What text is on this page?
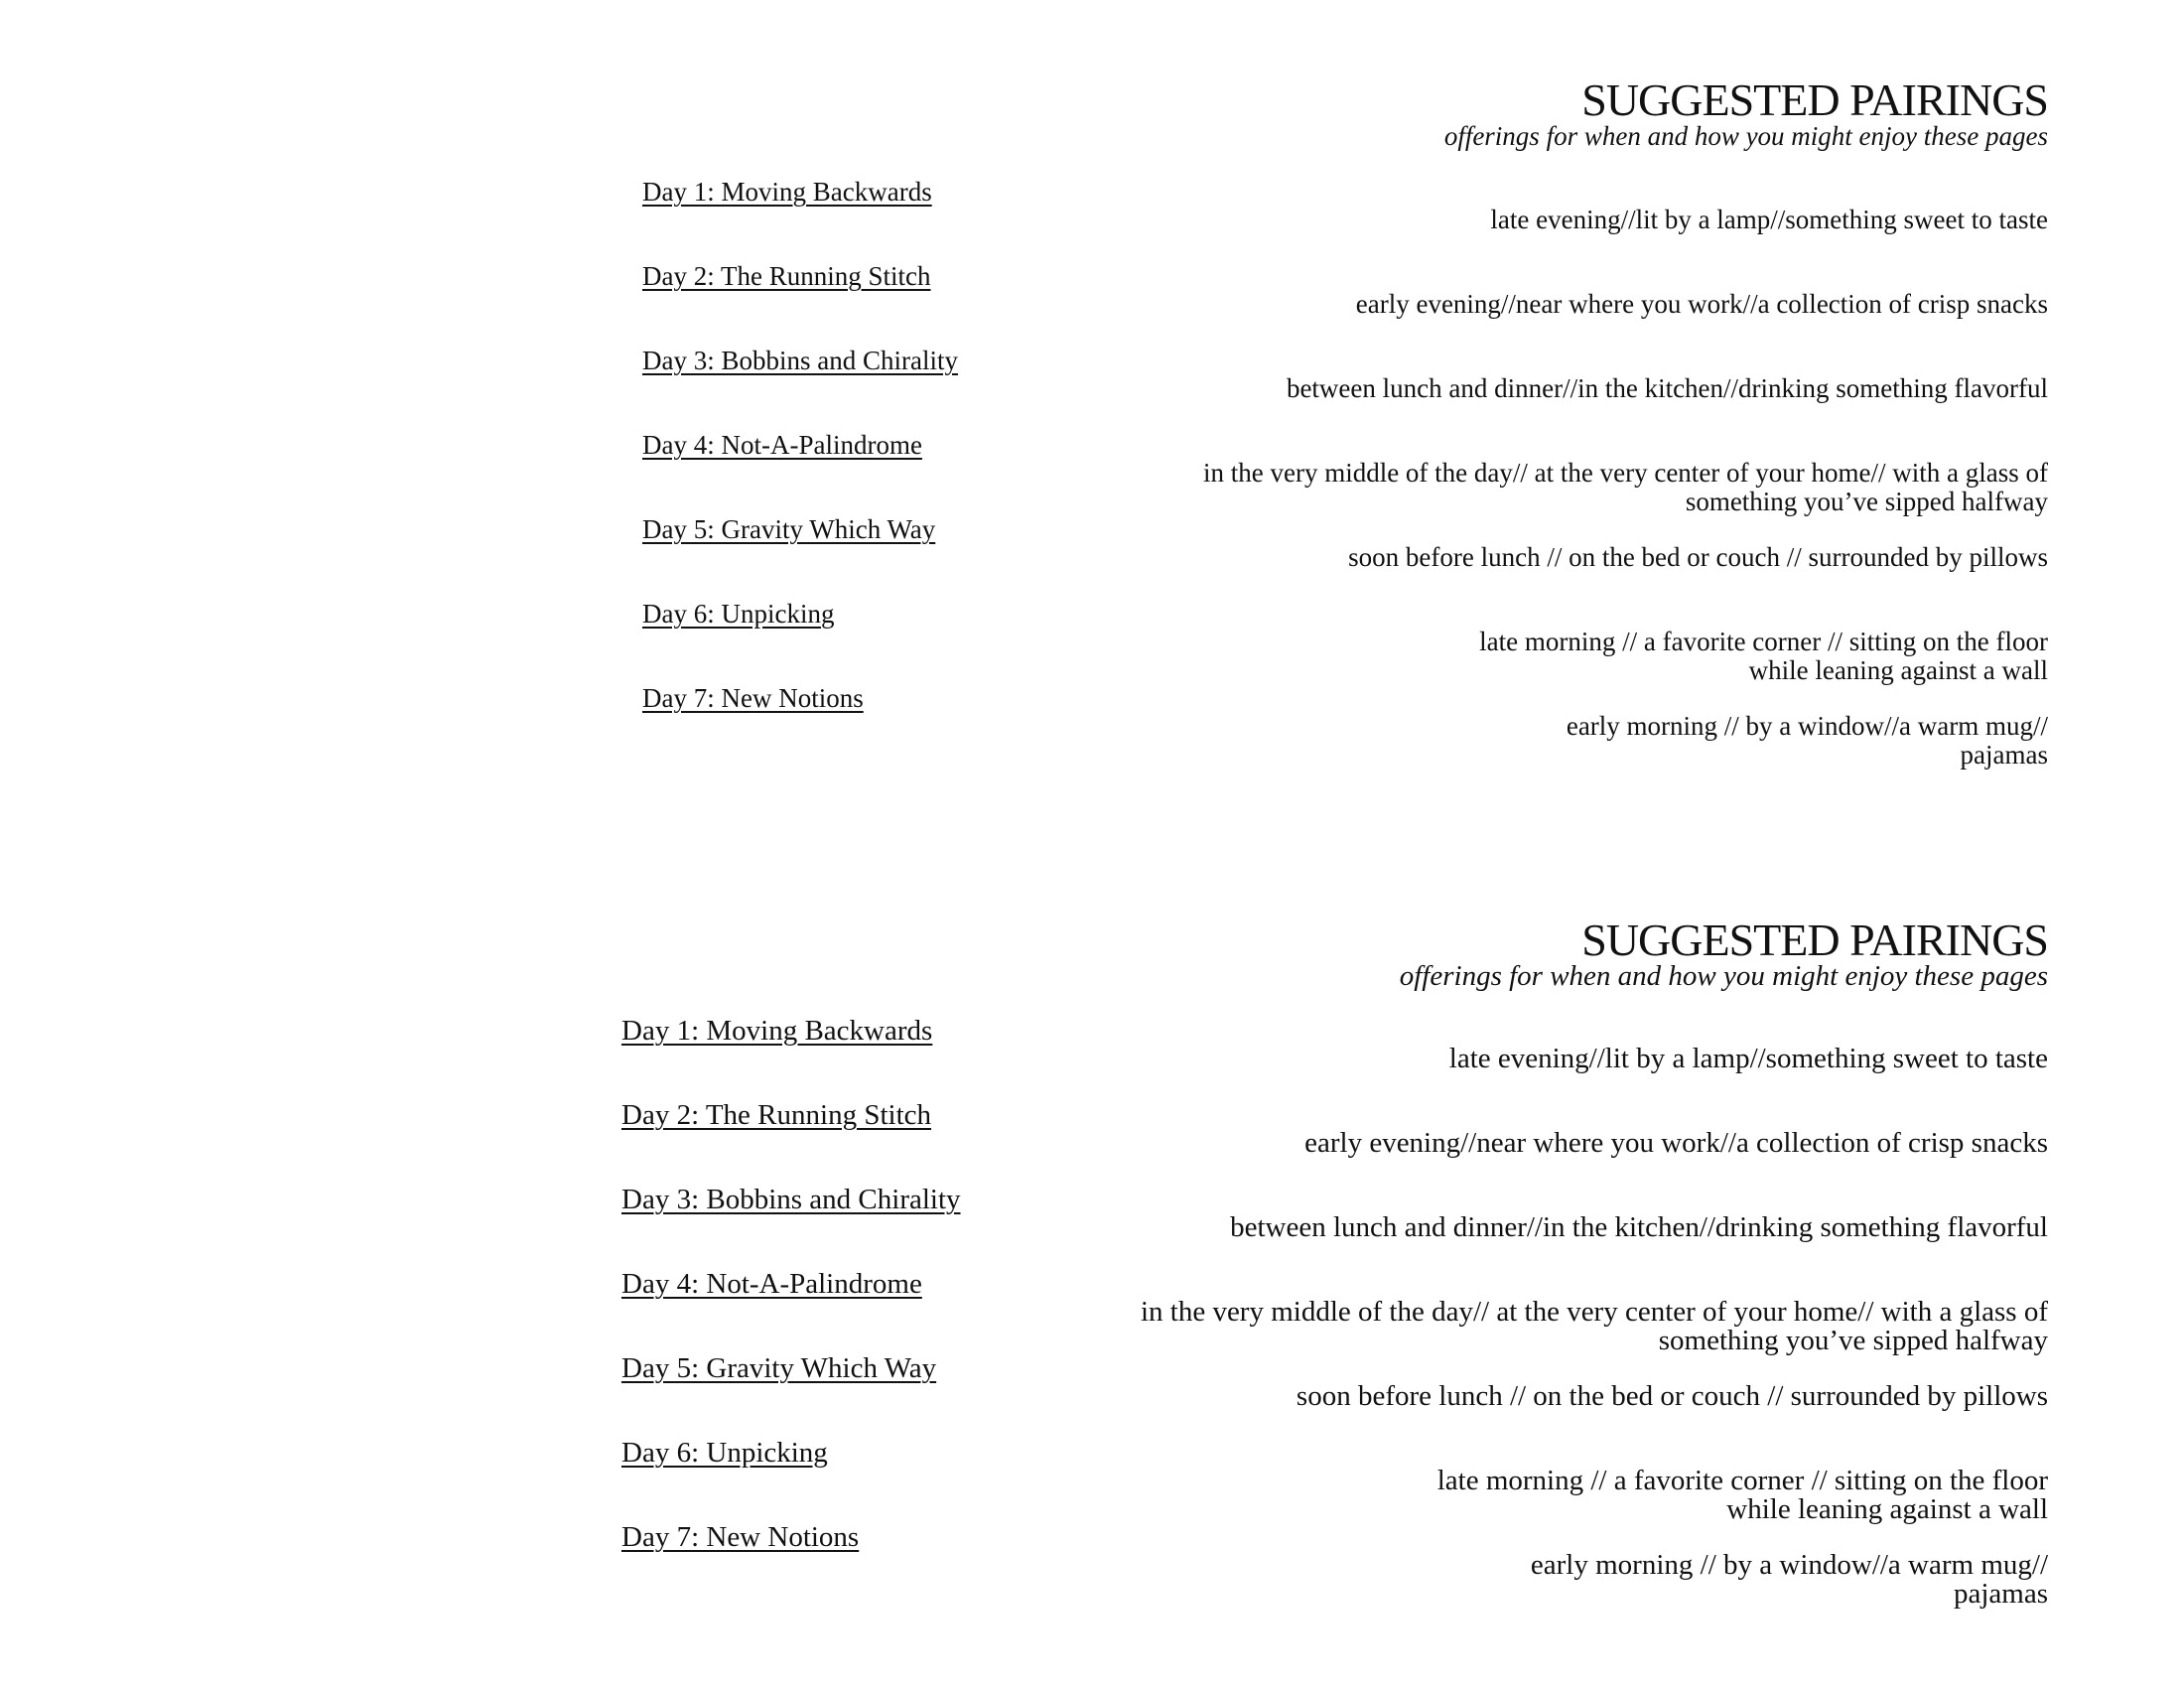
SUGGESTED PAIRINGS

offerings for when and how you might enjoy these pages

Day 1: Moving Backwards
Day 2: The Running Stitch
Day 3: Bobbins and Chirality
Day 4: Not-A-Palindrome
Day 5: Gravity Which Way
Day 6: Unpicking
Day 7: New Notions

late evening//lit by a lamp//something sweet to taste

early evening//near where you work//a collection of crisp snacks

between lunch and dinner//in the kitchen//drinking something flavorful

in the very middle of the day// at the very center of your home// with a glass of
something you’ve sipped halfway

soon before lunch // on the bed or couch // surrounded by pillows

late morning // a favorite corner // sitting on the floor
while leaning against a wall

early morning // by a window//a warm mug//
pajamas

SUGGESTED PAIRINGS

offerings for when and how you might enjoy these pages

Day 1: Moving Backwards
Day 2: The Running Stitch
Day 3: Bobbins and Chirality
Day 4: Not-A-Palindrome
Day 5: Gravity Which Way
Day 6: Unpicking
Day 7: New Notions

late evening//lit by a lamp//something sweet to taste

early evening//near where you work//a collection of crisp snacks

between lunch and dinner//in the kitchen//drinking something flavorful

in the very middle of the day// at the very center of your home// with a glass of
something you’ve sipped halfway

soon before lunch // on the bed or couch // surrounded by pillows

late morning // a favorite corner // sitting on the floor
while leaning against a wall

early morning // by a window//a warm mug//
pajamas
